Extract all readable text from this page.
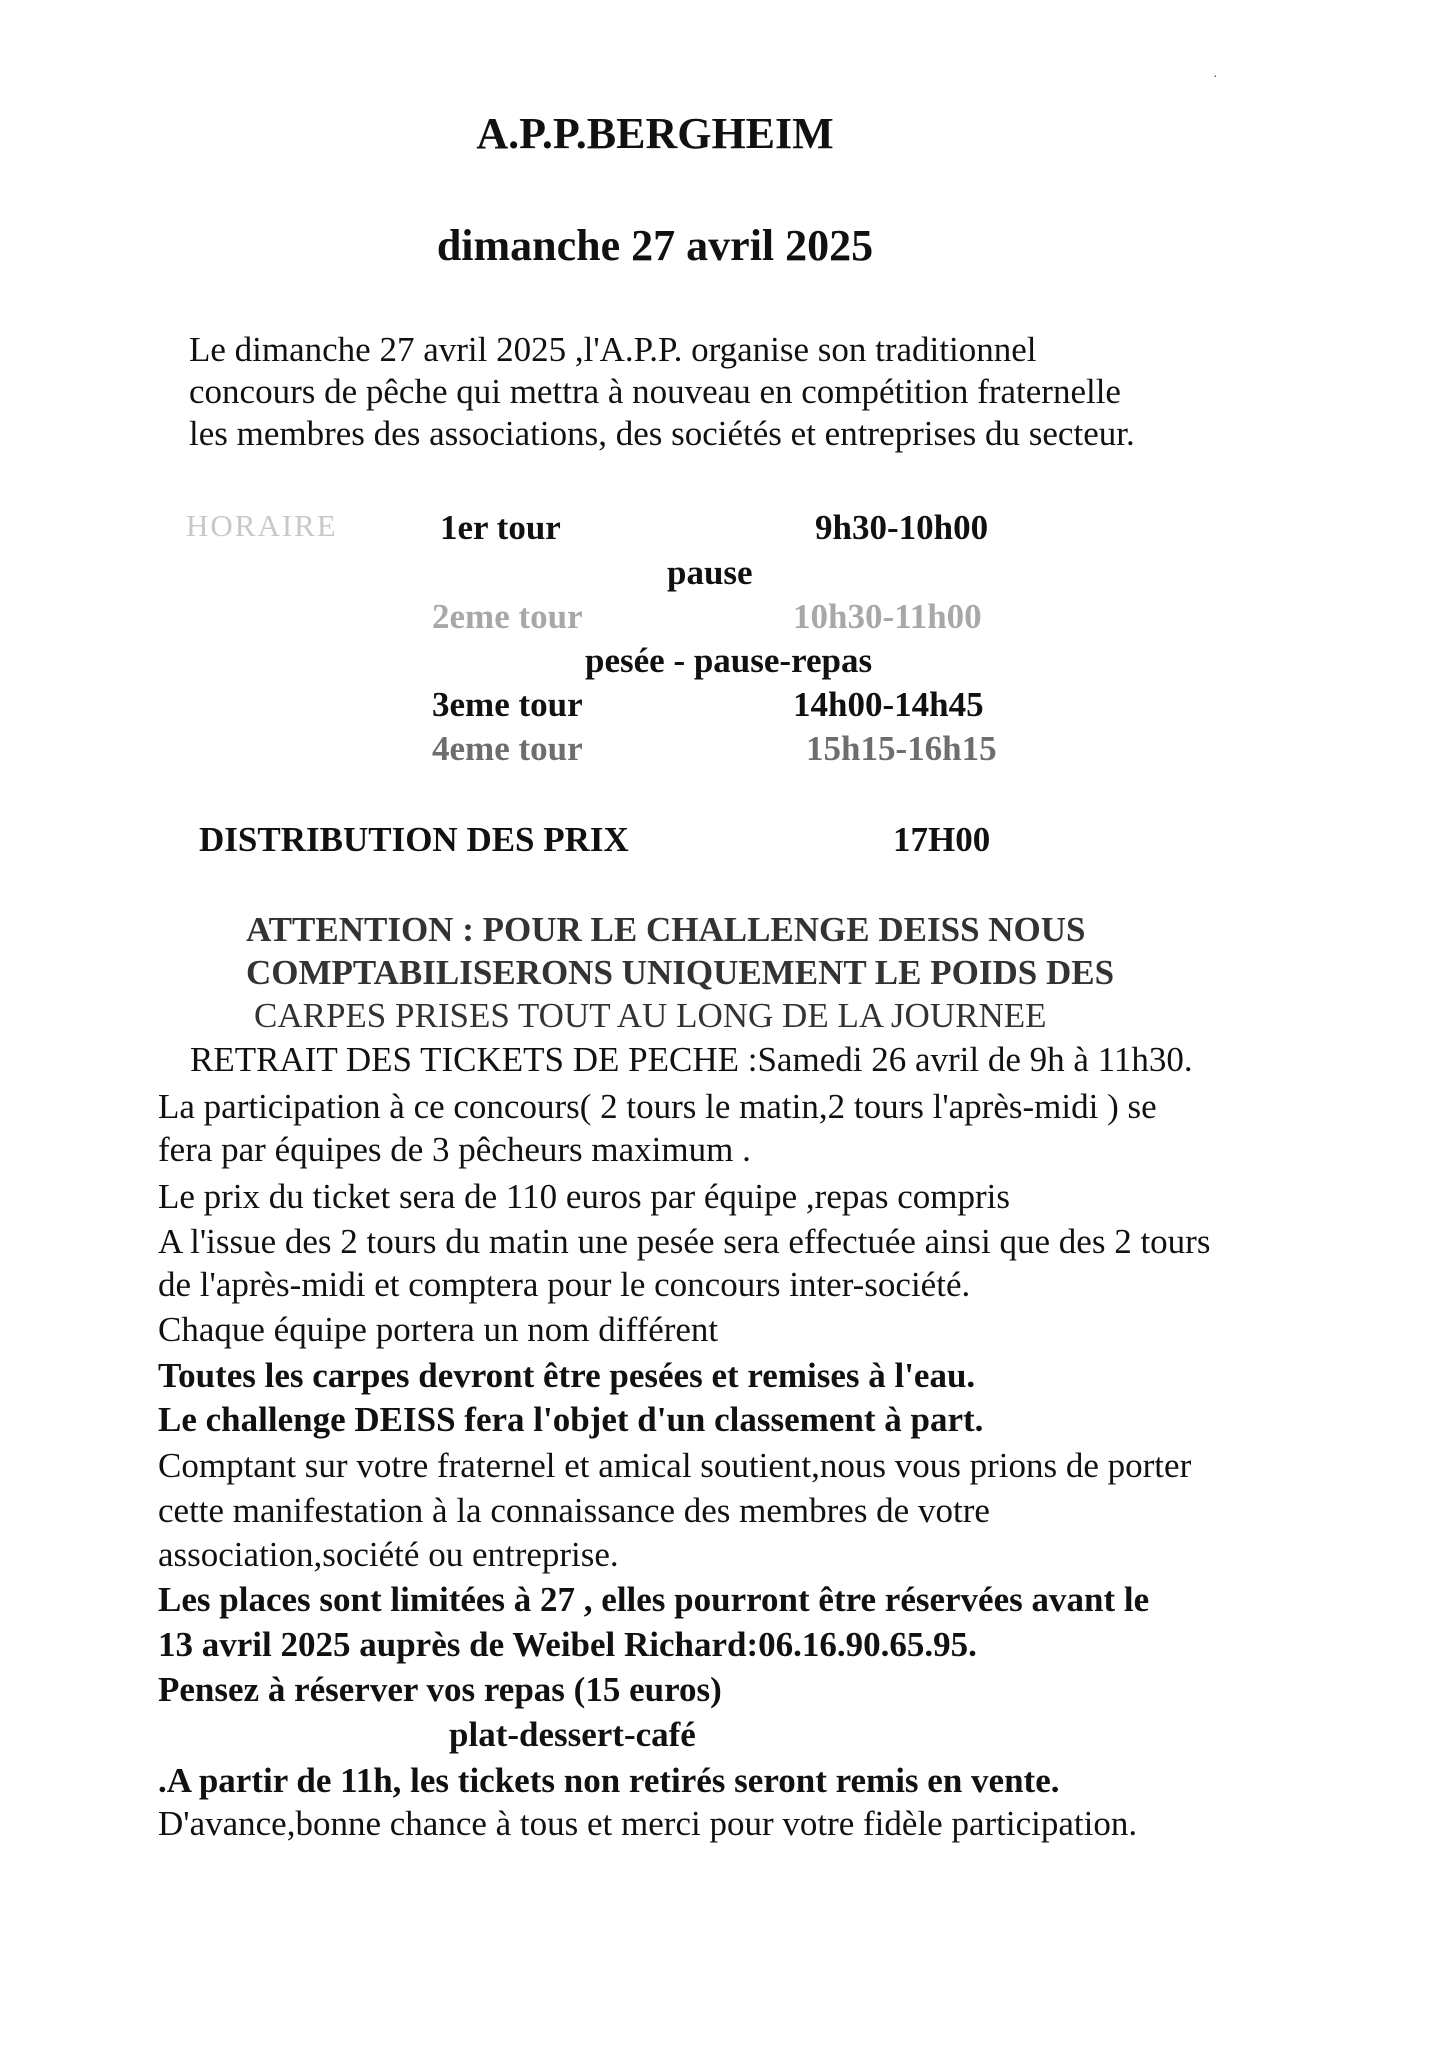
·
A.P.P.BERGHEIM
dimanche 27 avril 2025
Le dimanche 27 avril 2025 ,l'A.P.P. organise son traditionnel
concours de pêche qui mettra à nouveau en compétition fraternelle
les membres des associations, des sociétés et entreprises du secteur.
HORAIRE	1er tour	9h30-10h00
pause
2eme tour	10h30-11h00
pesée - pause-repas
3eme tour	14h00-14h45
4eme tour	15h15-16h15
DISTRIBUTION DES PRIX	17H00
ATTENTION : POUR LE CHALLENGE DEISS NOUS
COMPTABILISERONS UNIQUEMENT LE POIDS DES
CARPES PRISES TOUT AU LONG DE LA JOURNEE
RETRAIT DES TICKETS DE PECHE :Samedi 26 avril de 9h à 11h30.
La participation à ce concours( 2 tours le matin,2 tours l'après-midi ) se
fera par équipes de 3 pêcheurs maximum .
Le prix du ticket sera de 110 euros par équipe ,repas compris
A l'issue des 2 tours du matin une pesée sera effectuée ainsi que des 2 tours
de l'après-midi et comptera pour le concours inter-société.
Chaque équipe portera un nom différent
Toutes les carpes devront être pesées et remises à l'eau.
Le challenge DEISS fera l'objet d'un classement à part.
Comptant sur votre fraternel et amical soutient,nous vous prions de porter
cette manifestation à la connaissance des membres de votre
association,société ou entreprise.
Les places sont limitées à 27 , elles pourront être réservées avant le
13 avril 2025 auprès de Weibel Richard:06.16.90.65.95.
Pensez à réserver vos repas (15 euros)
plat-dessert-café
.A partir de 11h, les tickets non retirés seront remis en vente.
D'avance,bonne chance à tous et merci pour votre fidèle participation.
